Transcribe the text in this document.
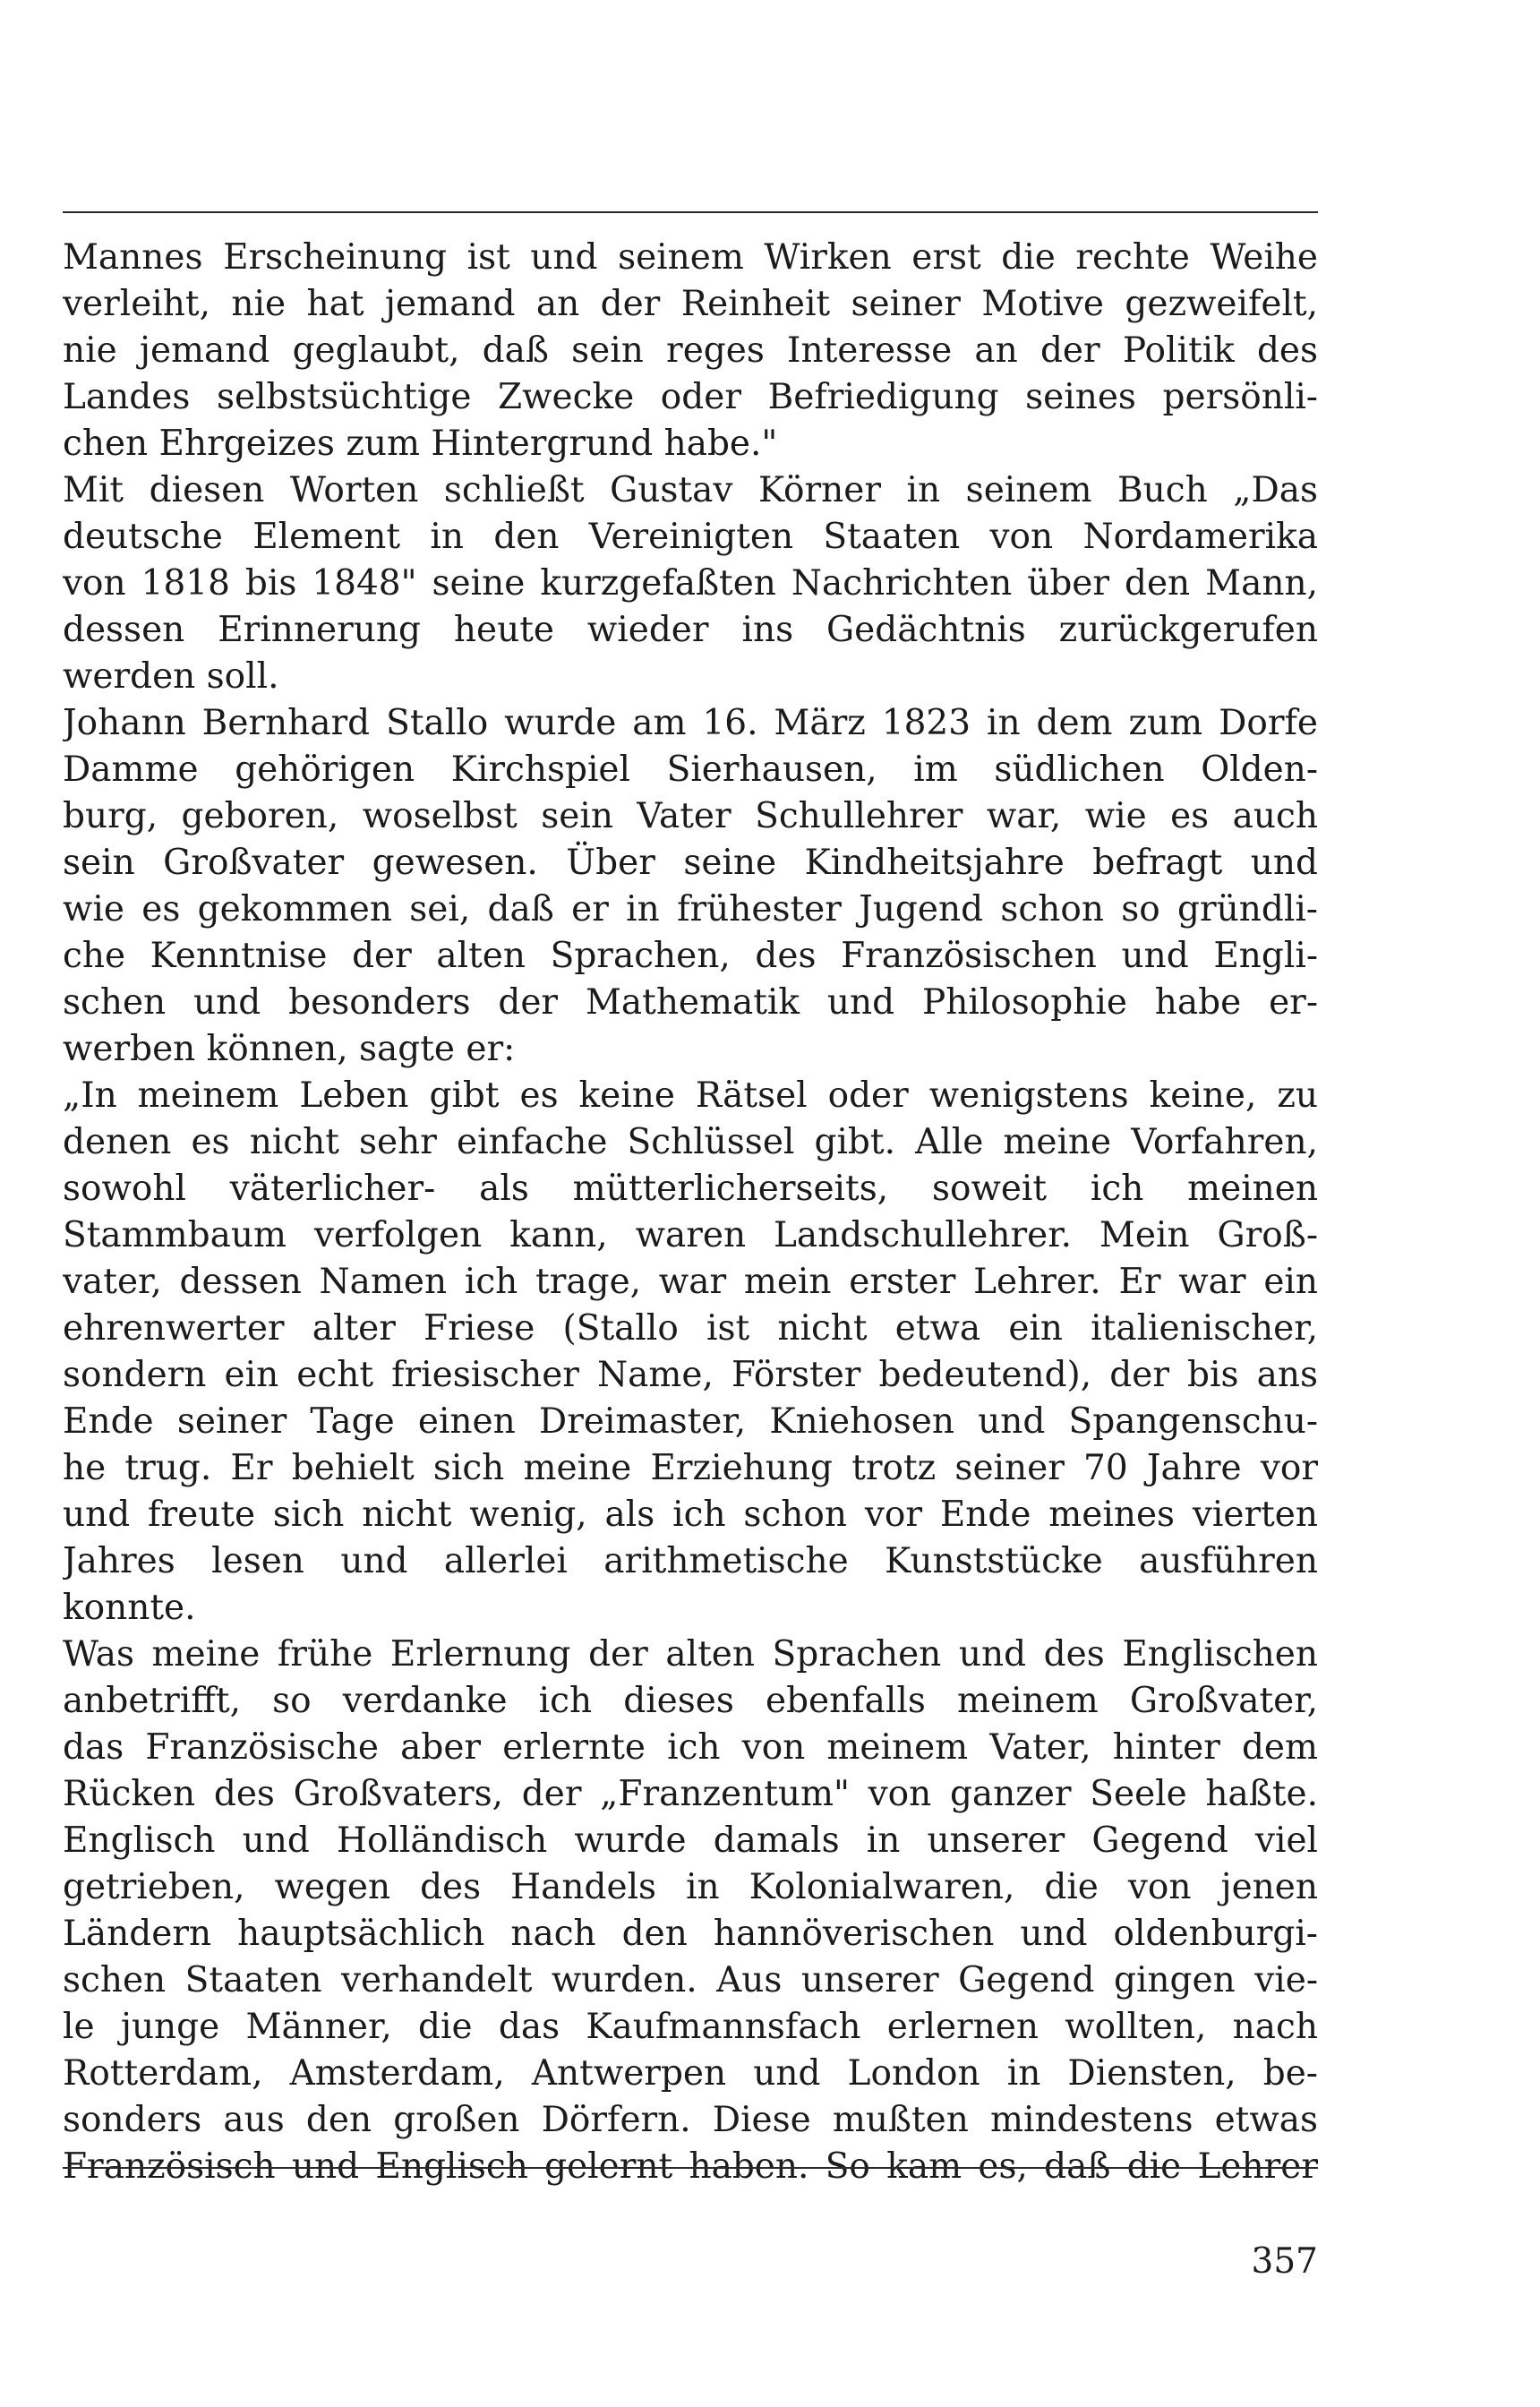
Mannes Erscheinung ist und seinem Wirken erst die rechte Weihe
verleiht, nie hat jemand an der Reinheit seiner Motive gezweifelt,
nie jemand geglaubt, daß sein reges Interesse an der Politik des
Landes selbstsüchtige Zwecke oder Befriedigung seines persönli-
chen Ehrgeizes zum Hintergrund habe."
Mit diesen Worten schließt Gustav Körner in seinem Buch „Das
deutsche Element in den Vereinigten Staaten von Nordamerika
von 1818 bis 1848" seine kurzgefaßten Nachrichten über den Mann,
dessen Erinnerung heute wieder ins Gedächtnis zurückgerufen
werden soll.
Johann Bernhard Stallo wurde am 16. März 1823 in dem zum Dorfe
Damme gehörigen Kirchspiel Sierhausen, im südlichen Olden-
burg, geboren, woselbst sein Vater Schullehrer war, wie es auch
sein Großvater gewesen. Über seine Kindheitsjahre befragt und
wie es gekommen sei, daß er in frühester Jugend schon so gründli-
che Kenntnise der alten Sprachen, des Französischen und Engli-
schen und besonders der Mathematik und Philosophie habe er-
werben können, sagte er:
„In meinem Leben gibt es keine Rätsel oder wenigstens keine, zu
denen es nicht sehr einfache Schlüssel gibt. Alle meine Vorfahren,
sowohl väterlicher- als mütterlicherseits, soweit ich meinen
Stammbaum verfolgen kann, waren Landschullehrer. Mein Groß-
vater, dessen Namen ich trage, war mein erster Lehrer. Er war ein
ehrenwerter alter Friese (Stallo ist nicht etwa ein italienischer,
sondern ein echt friesischer Name, Förster bedeutend), der bis ans
Ende seiner Tage einen Dreimaster, Kniehosen und Spangenschu-
he trug. Er behielt sich meine Erziehung trotz seiner 70 Jahre vor
und freute sich nicht wenig, als ich schon vor Ende meines vierten
Jahres lesen und allerlei arithmetische Kunststücke ausführen
konnte.
Was meine frühe Erlernung der alten Sprachen und des Englischen
anbetrifft, so verdanke ich dieses ebenfalls meinem Großvater,
das Französische aber erlernte ich von meinem Vater, hinter dem
Rücken des Großvaters, der „Franzentum" von ganzer Seele haßte.
Englisch und Holländisch wurde damals in unserer Gegend viel
getrieben, wegen des Handels in Kolonialwaren, die von jenen
Ländern hauptsächlich nach den hannöverischen und oldenburgi-
schen Staaten verhandelt wurden. Aus unserer Gegend gingen vie-
le junge Männer, die das Kaufmannsfach erlernen wollten, nach
Rotterdam, Amsterdam, Antwerpen und London in Diensten, be-
sonders aus den großen Dörfern. Diese mußten mindestens etwas
Französisch und Englisch gelernt haben. So kam es, daß die Lehrer
357
